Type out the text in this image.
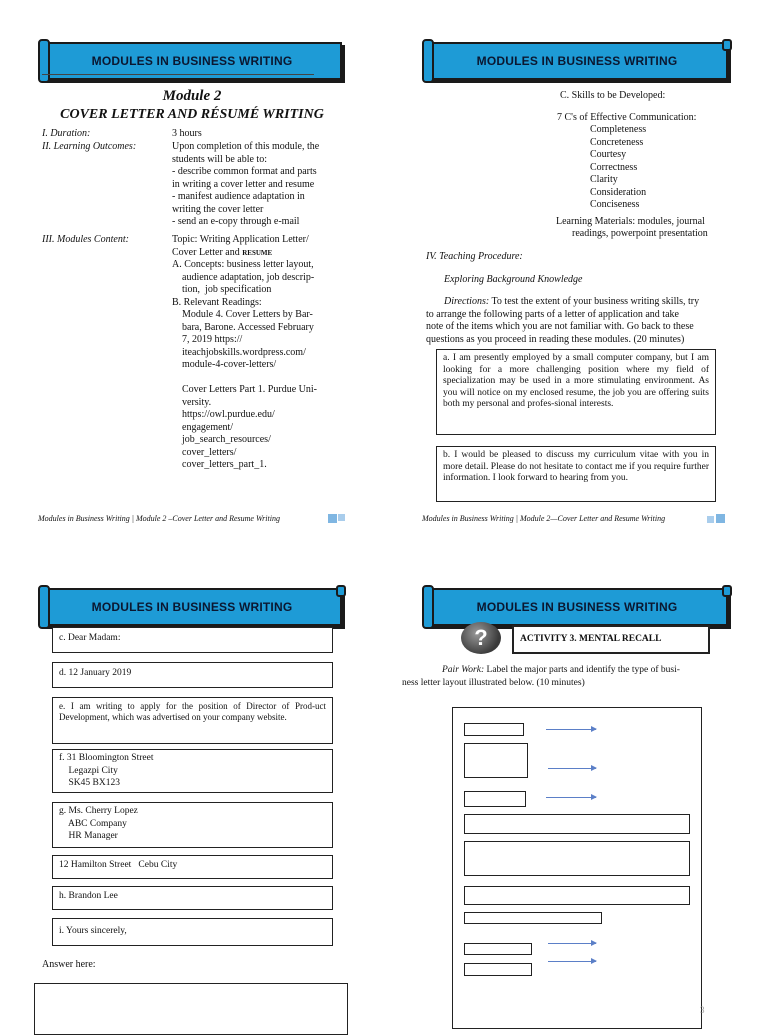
MODULES IN BUSINESS WRITING
Module 2
COVER LETTER AND RÉSUMÉ WRITING
I. Duration:	3 hours
II. Learning Outcomes:	Upon completion of this module, the
students will be able to:
- describe common format and parts
in writing a cover letter and resume
- manifest audience adaptation in
writing the cover letter
- send an e-copy through e-mail
III. Modules Content:	Topic: Writing Application Letter/
Cover Letter and RESUME
A. Concepts: business letter layout,
audience adaptation, job descrip-
tion,  job specification
B. Relevant Readings:
Module 4. Cover Letters by Bar-
bara, Barone. Accessed February
7, 2019 https://
iteachjobskills.wordpress.com/
module-4-cover-letters/
Cover Letters Part 1. Purdue Uni-
versity.
https://owl.purdue.edu/
engagement/
job_search_resources/
cover_letters/
cover_letters_part_1.
Modules in Business Writing | Module 2 –Cover Letter and Resume Writing
MODULES IN BUSINESS WRITING
C. Skills to be Developed:
7 C's of Effective Communication:
Completeness
Concreteness
Courtesy
Correctness
Clarity
Consideration
Conciseness
Learning Materials: modules, journal
readings, powerpoint presentation
IV. Teaching Procedure:
Exploring Background Knowledge
Directions: To test the extent of your business writing skills, try
to arrange the following parts of a letter of application and take
note of the items which you are not familiar with. Go back to these
questions as you proceed in reading these modules. (20 minutes)
a. I am presently employed by a small computer company, but I am looking for a more challenging position where my field of specialization may be used in a more stimulating environment. As you will notice on my enclosed resume, the job you are offering suits both my personal and profes-sional interests.
b. I would be pleased to discuss my curriculum vitae with you in more detail. Please do not hesitate to contact me if you require further information. I look forward to hearing from you.
Modules in Business Writing | Module 2—Cover Letter and Resume Writing
MODULES IN BUSINESS WRITING
c. Dear Madam:
d. 12 January 2019
e. I am writing to apply for the position of Director of Prod-uct Development, which was advertised on your company website.
f. 31 Bloomington Street
Legazpi City
SK45 BX123
g. Ms. Cherry Lopez
ABC Company
HR Manager
12 Hamilton Street   Cebu City
h. Brandon Lee
i. Yours sincerely,
Answer here:
MODULES IN BUSINESS WRITING
?	ACTIVITY 3. MENTAL RECALL
Pair Work: Label the major parts and identify the type of busi-
ness letter layout illustrated below. (10 minutes)
3
